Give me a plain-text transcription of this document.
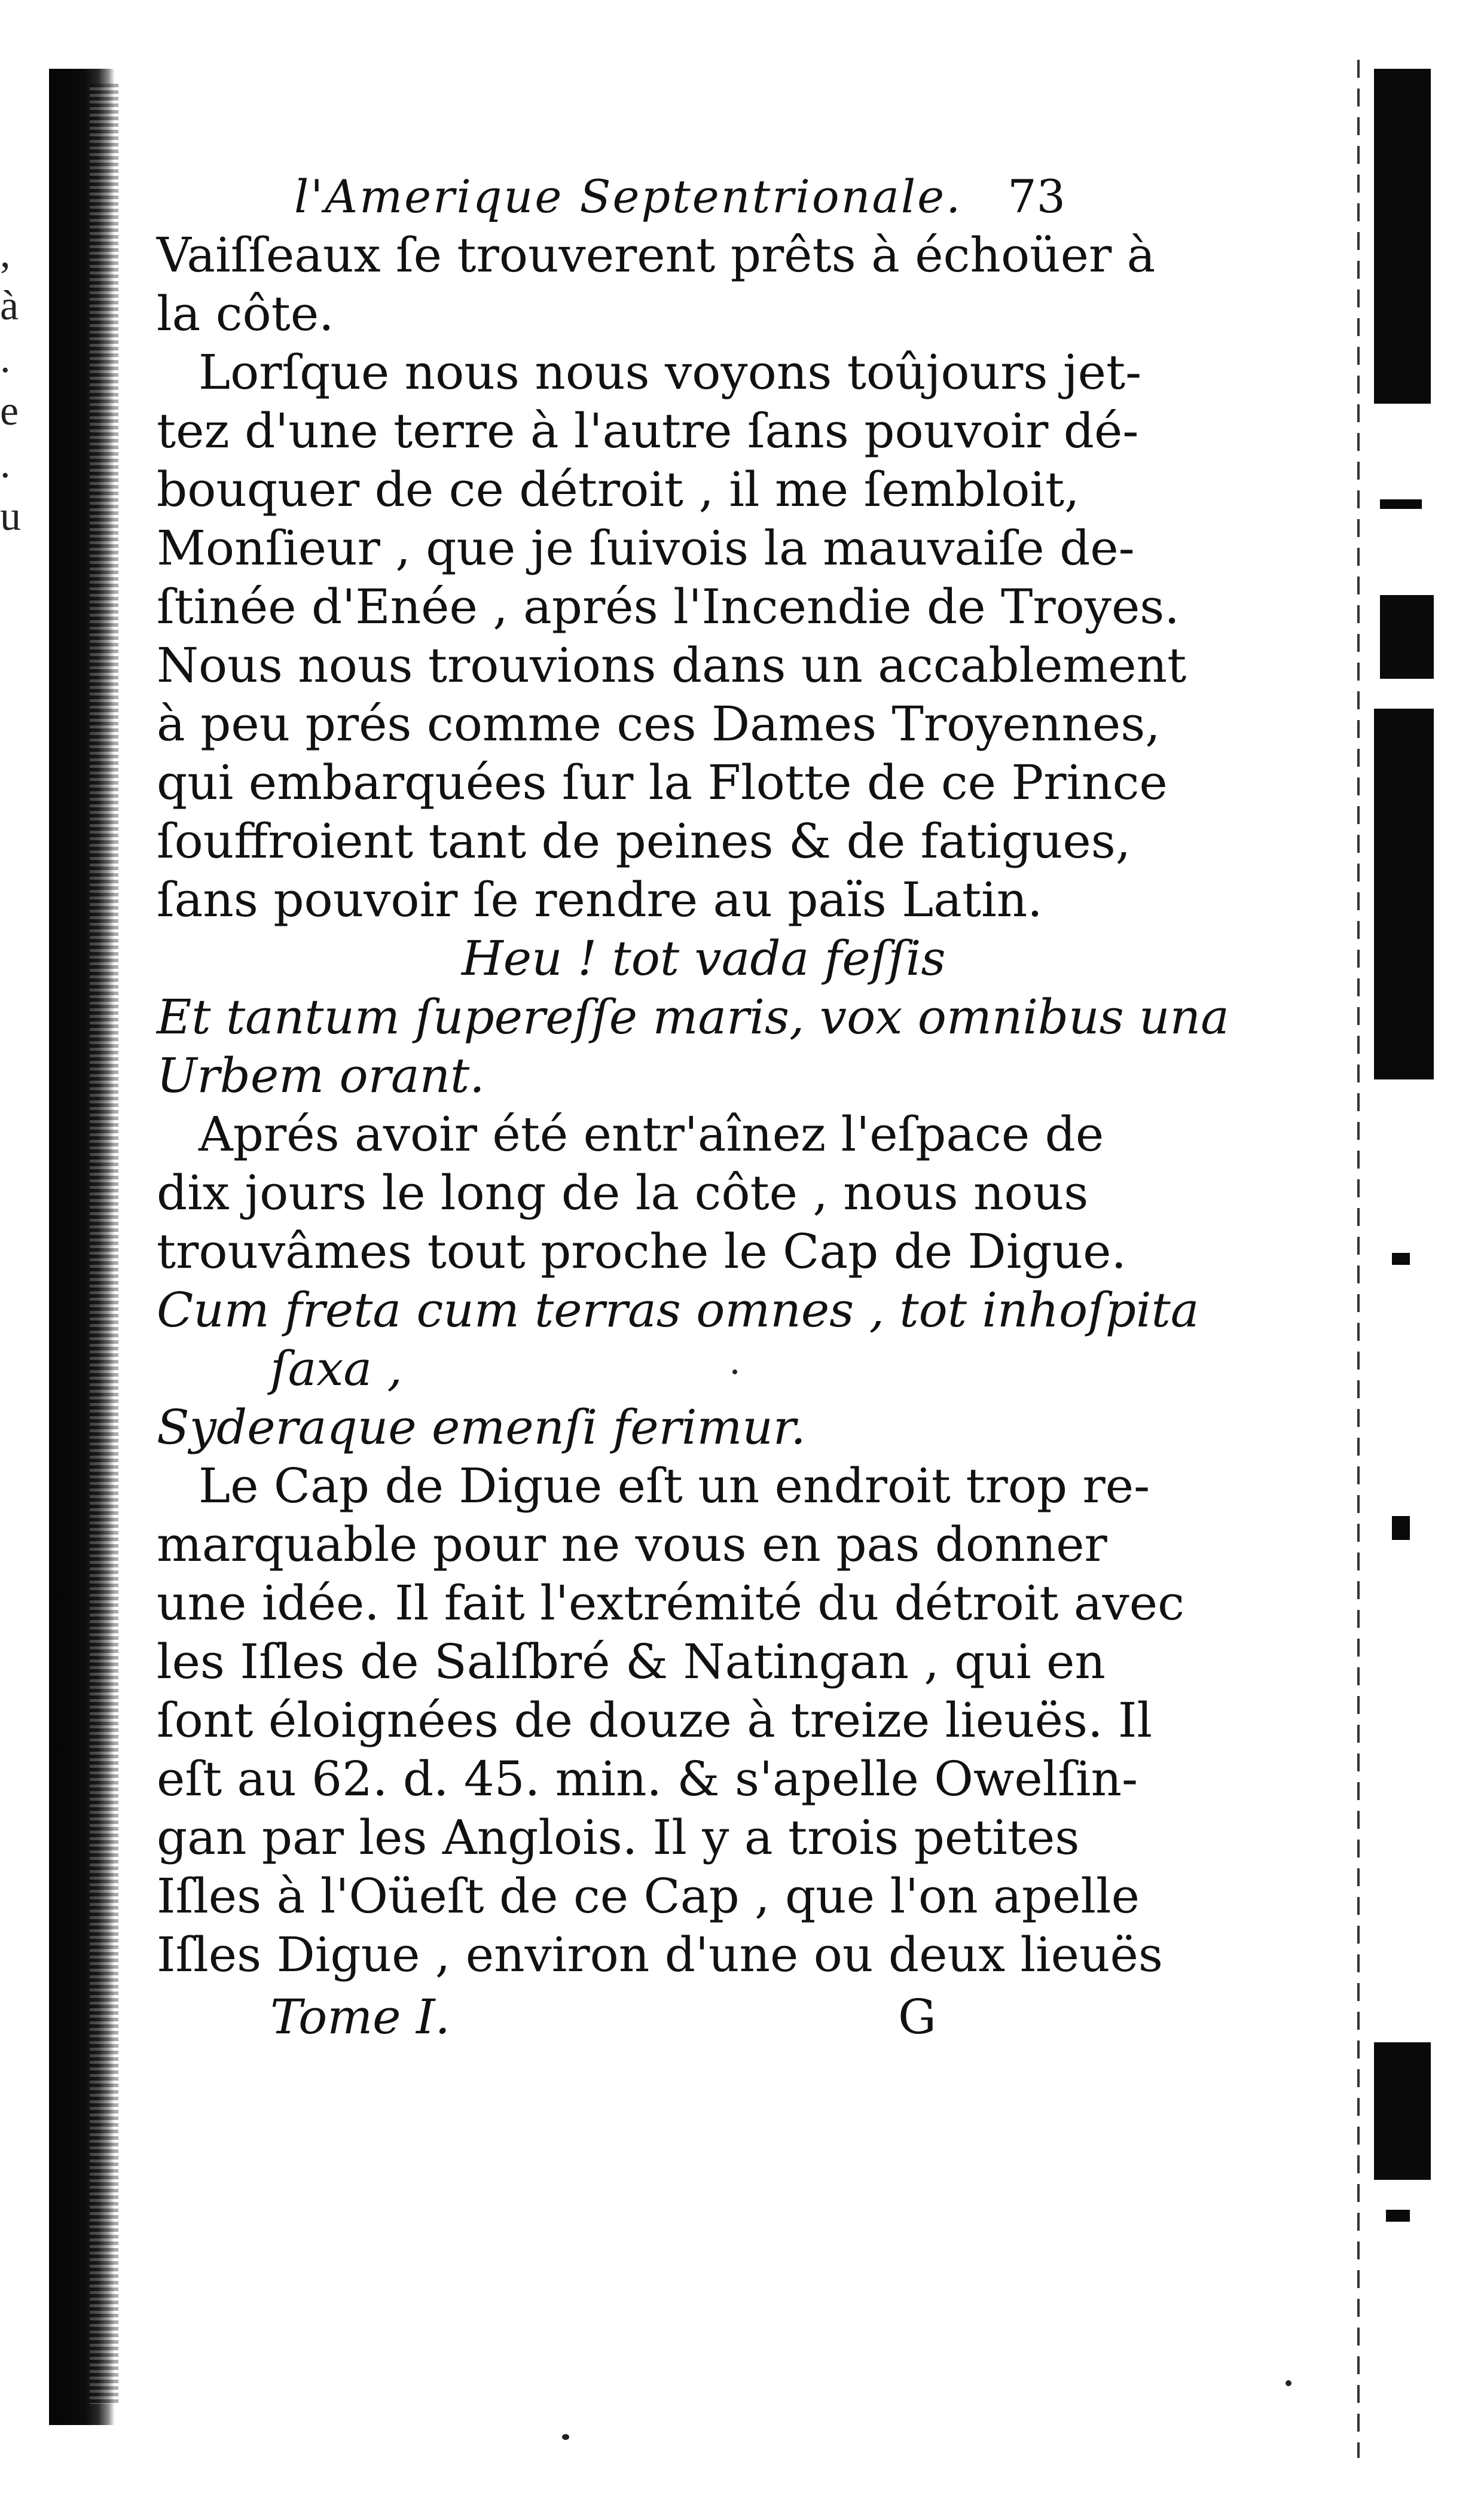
,
à
.
e
.
u
l'Amerique Septentrionale. 73
Vaiſſeaux ſe trouverent prêts à échoüer à
la côte.
Lorſque nous nous voyons toûjours jet-
tez d'une terre à l'autre ſans pouvoir dé-
bouquer de ce détroit , il me ſembloit,
Monſieur , que je ſuivois la mauvaiſe de-
ſtinée d'Enée , aprés l'Incendie de Troyes.
Nous nous trouvions dans un accablement
à peu prés comme ces Dames Troyennes,
qui embarquées ſur la Flotte de ce Prince
ſouffroient tant de peines & de fatigues,
ſans pouvoir ſe rendre au païs Latin.
Heu ! tot vada feſſis
Et tantum ſupereſſe maris, vox omnibus una
Urbem orant.
Aprés avoir été entr'aînez l'eſpace de
dix jours le long de la côte , nous nous
trouvâmes tout proche le Cap de Digue.
Cum freta cum terras omnes , tot inhoſpita
ſaxa ,
Syderaque emenſi ferimur.
Le Cap de Digue eſt un endroit trop re-
marquable pour ne vous en pas donner
une idée. Il fait l'extrémité du détroit avec
les Iſles de Salſbré & Natingan , qui en
ſont éloignées de douze à treize lieuës. Il
eſt au 62. d. 45. min. & s'apelle Owelſin-
gan par les Anglois. Il y a trois petites
Iſles à l'Oüeſt de ce Cap , que l'on apelle
Iſles Digue , environ d'une ou deux lieuës
Tome I.	G
